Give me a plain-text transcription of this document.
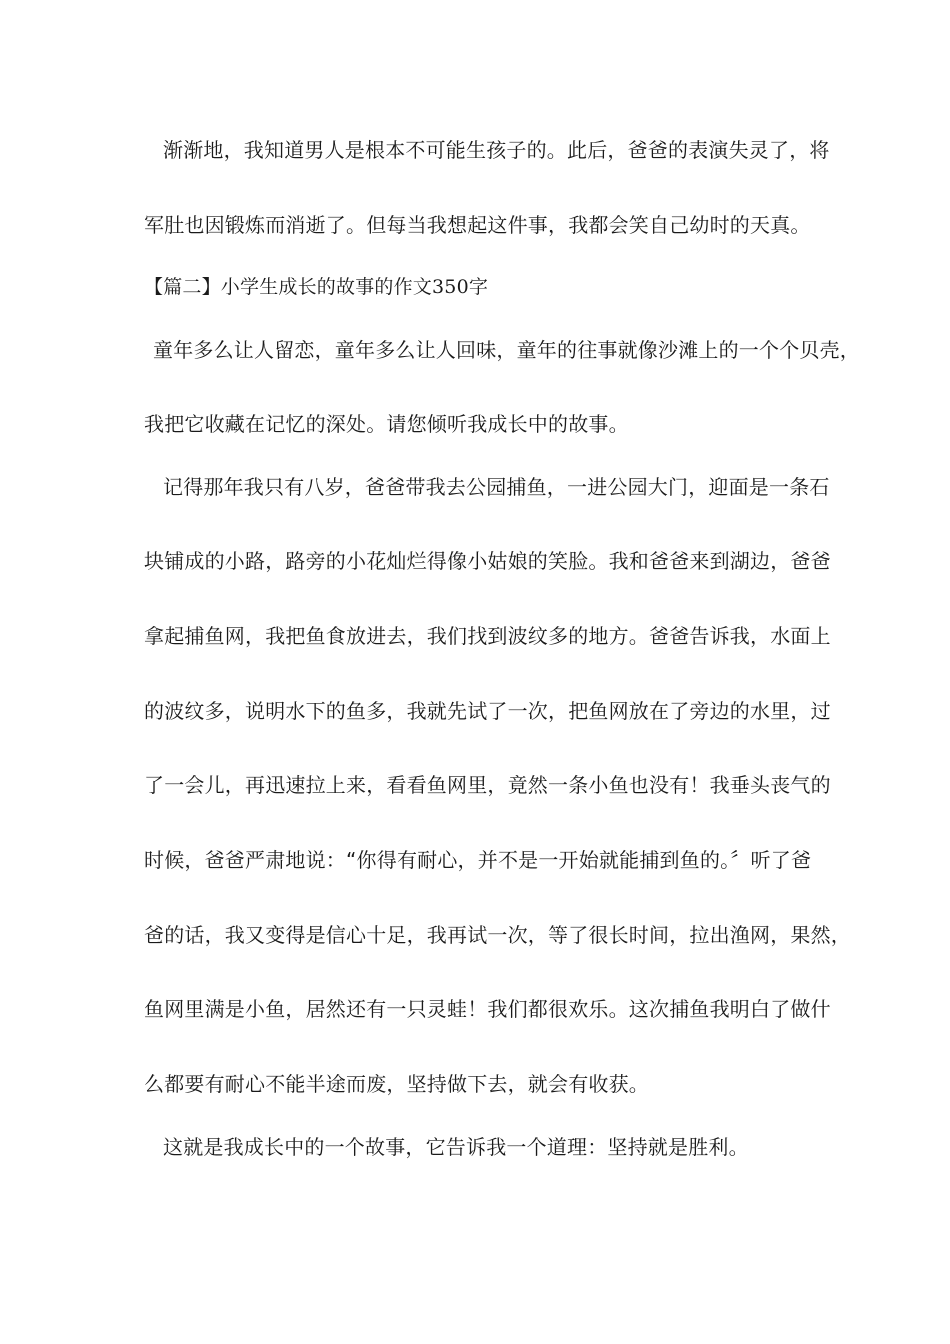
渐渐地，我知道男人是根本不可能生孩子的。此后，爸爸的表演失灵了，将
军肚也因锻炼而消逝了。但每当我想起这件事，我都会笑自己幼时的天真。
【篇二】小学生成长的故事的作文350字
童年多么让人留恋，童年多么让人回味，童年的往事就像沙滩上的一个个贝壳，
我把它收藏在记忆的深处。请您倾听我成长中的故事。
记得那年我只有八岁，爸爸带我去公园捕鱼，一进公园大门，迎面是一条石
块铺成的小路，路旁的小花灿烂得像小姑娘的笑脸。我和爸爸来到湖边，爸爸
拿起捕鱼网，我把鱼食放进去，我们找到波纹多的地方。爸爸告诉我，水面上
的波纹多，说明水下的鱼多，我就先试了一次，把鱼网放在了旁边的水里，过
了一会儿，再迅速拉上来，看看鱼网里，竟然一条小鱼也没有！我垂头丧气的
时候，爸爸严肃地说：“你得有耐心，并不是一开始就能捕到鱼的。〞听了爸
爸的话，我又变得是信心十足，我再试一次，等了很长时间，拉出渔网，果然，
鱼网里满是小鱼，居然还有一只灵蛙！我们都很欢乐。这次捕鱼我明白了做什
么都要有耐心不能半途而废，坚持做下去，就会有收获。
这就是我成长中的一个故事，它告诉我一个道理：坚持就是胜利。
